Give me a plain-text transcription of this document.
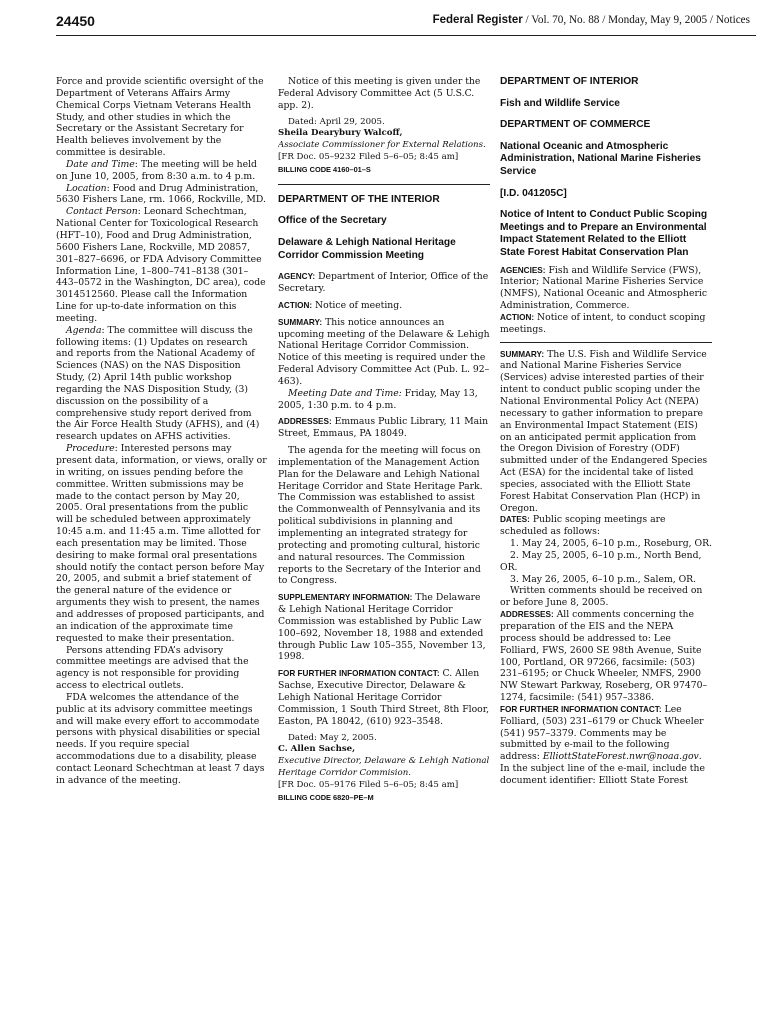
24450	Federal Register / Vol. 70, No. 88 / Monday, May 9, 2005 / Notices

Force and provide scientific oversight of the Department of Veterans Affairs Army Chemical Corps Vietnam Veterans Health Study, and other studies in which the Secretary or the Assistant Secretary for Health believes involvement by the committee is desirable.

Date and Time: The meeting will be held on June 10, 2005, from 8:30 a.m. to 4 p.m.

Location: Food and Drug Administration, 5630 Fishers Lane, rm. 1066, Rockville, MD.

Contact Person: Leonard Schechtman, National Center for Toxicological Research (HFT–10), Food and Drug Administration, 5600 Fishers Lane, Rockville, MD 20857, 301–827–6696, or FDA Advisory Committee Information Line, 1–800–741–8138 (301–443–0572 in the Washington, DC area), code 3014512560. Please call the Information Line for up-to-date information on this meeting.

Agenda: The committee will discuss the following items: (1) Updates on research and reports from the National Academy of Sciences (NAS) on the NAS Disposition Study, (2) April 14th public workshop regarding the NAS Disposition Study, (3) discussion on the possibility of a comprehensive study report derived from the Air Force Health Study (AFHS), and (4) research updates on AFHS activities.

Procedure: Interested persons may present data, information, or views, orally or in writing, on issues pending before the committee. Written submissions may be made to the contact person by May 20, 2005. Oral presentations from the public will be scheduled between approximately 10:45 a.m. and 11:45 a.m. Time allotted for each presentation may be limited. Those desiring to make formal oral presentations should notify the contact person before May 20, 2005, and submit a brief statement of the general nature of the evidence or arguments they wish to present, the names and addresses of proposed participants, and an indication of the approximate time requested to make their presentation.

Persons attending FDA’s advisory committee meetings are advised that the agency is not responsible for providing access to electrical outlets.

FDA welcomes the attendance of the public at its advisory committee meetings and will make every effort to accommodate persons with physical disabilities or special needs. If you require special accommodations due to a disability, please contact Leonard Schechtman at least 7 days in advance of the meeting.

Notice of this meeting is given under the Federal Advisory Committee Act (5 U.S.C. app. 2).

Dated: April 29, 2005.

Sheila Dearybury Walcoff,

Associate Commissioner for External Relations.

[FR Doc. 05–9232 Filed 5–6–05; 8:45 am]

BILLING CODE 4160–01–S

DEPARTMENT OF THE INTERIOR

Office of the Secretary

Delaware & Lehigh National Heritage Corridor Commission Meeting

AGENCY: Department of Interior, Office of the Secretary.

ACTION: Notice of meeting.

SUMMARY: This notice announces an upcoming meeting of the Delaware & Lehigh National Heritage Corridor Commission. Notice of this meeting is required under the Federal Advisory Committee Act (Pub. L. 92–463).

Meeting Date and Time: Friday, May 13, 2005, 1:30 p.m. to 4 p.m.

ADDRESSES: Emmaus Public Library, 11 Main Street, Emmaus, PA 18049.

The agenda for the meeting will focus on implementation of the Management Action Plan for the Delaware and Lehigh National Heritage Corridor and State Heritage Park. The Commission was established to assist the Commonwealth of Pennsylvania and its political subdivisions in planning and implementing an integrated strategy for protecting and promoting cultural, historic and natural resources. The Commission reports to the Secretary of the Interior and to Congress.

SUPPLEMENTARY INFORMATION: The Delaware & Lehigh National Heritage Corridor Commission was established by Public Law 100–692, November 18, 1988 and extended through Public Law 105–355, November 13, 1998.

FOR FURTHER INFORMATION CONTACT: C. Allen Sachse, Executive Director, Delaware & Lehigh National Heritage Corridor Commission, 1 South Third Street, 8th Floor, Easton, PA 18042, (610) 923–3548.

Dated: May 2, 2005.

C. Allen Sachse,

Executive Director, Delaware & Lehigh National Heritage Corridor Commision.

[FR Doc. 05–9176 Filed 5–6–05; 8:45 am]

BILLING CODE 6820–PE–M

DEPARTMENT OF INTERIOR

Fish and Wildlife Service

DEPARTMENT OF COMMERCE

National Oceanic and Atmospheric Administration, National Marine Fisheries Service

[I.D. 041205C]

Notice of Intent to Conduct Public Scoping Meetings and to Prepare an Environmental Impact Statement Related to the Elliott State Forest Habitat Conservation Plan

AGENCIES: Fish and Wildlife Service (FWS), Interior; National Marine Fisheries Service (NMFS), National Oceanic and Atmospheric Administration, Commerce.

ACTION: Notice of intent, to conduct scoping meetings.

SUMMARY: The U.S. Fish and Wildlife Service and National Marine Fisheries Service (Services) advise interested parties of their intent to conduct public scoping under the National Environmental Policy Act (NEPA) necessary to gather information to prepare an Environmental Impact Statement (EIS) on an anticipated permit application from the Oregon Division of Forestry (ODF) submitted under of the Endangered Species Act (ESA) for the incidental take of listed species, associated with the Elliott State Forest Habitat Conservation Plan (HCP) in Oregon.

DATES: Public scoping meetings are scheduled as follows:

1. May 24, 2005, 6–10 p.m., Roseburg, OR.

2. May 25, 2005, 6–10 p.m., North Bend, OR.

3. May 26, 2005, 6–10 p.m., Salem, OR.

Written comments should be received on or before June 8, 2005.

ADDRESSES: All comments concerning the preparation of the EIS and the NEPA process should be addressed to: Lee Folliard, FWS, 2600 SE 98th Avenue, Suite 100, Portland, OR 97266, facsimile: (503) 231–6195; or Chuck Wheeler, NMFS, 2900 NW Stewart Parkway, Roseberg, OR 97470–1274, facsimile: (541) 957–3386.

FOR FURTHER INFORMATION CONTACT: Lee Folliard, (503) 231–6179 or Chuck Wheeler (541) 957–3379. Comments may be submitted by e-mail to the following address: ElliottStateForest.nwr@noaa.gov. In the subject line of the e-mail, include the document identifier: Elliott State Forest
